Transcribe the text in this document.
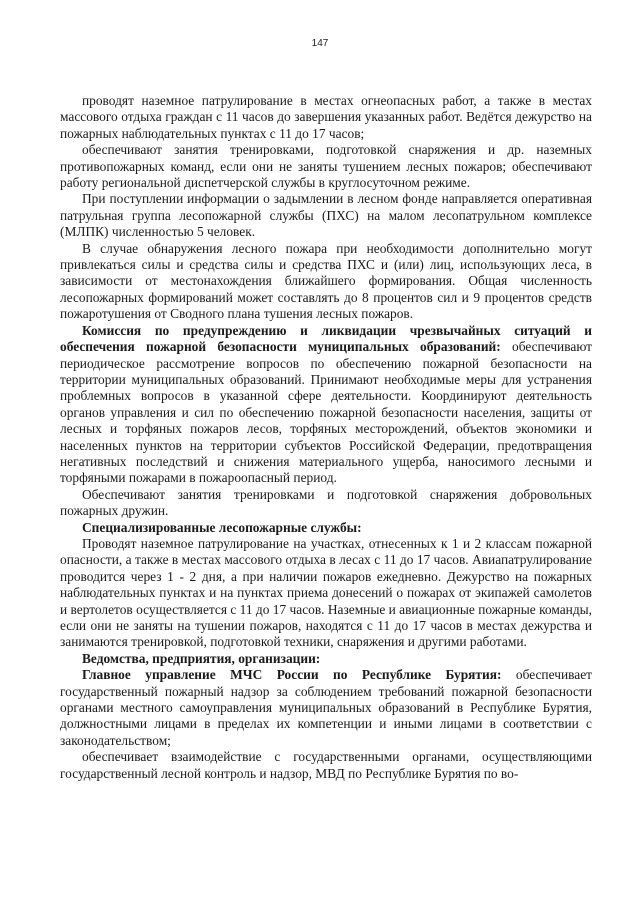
147

проводят наземное патрулирование в местах огнеопасных работ, а также в местах массового отдыха граждан с 11 часов до завершения указанных работ. Ведётся дежурство на пожарных наблюдательных пунктах с 11 до 17 часов;

обеспечивают занятия тренировками, подготовкой снаряжения и др. наземных противопожарных команд, если они не заняты тушением лесных пожаров; обеспечивают работу региональной диспетчерской службы в круглосуточном режиме.

При поступлении информации о задымлении в лесном фонде направляется оперативная патрульная группа лесопожарной службы (ПХС) на малом лесопатрульном комплексе (МЛПК) численностью 5 человек.

В случае обнаружения лесного пожара при необходимости дополнительно могут привлекаться силы и средства силы и средства ПХС и (или) лиц, использующих леса, в зависимости от местонахождения ближайшего формирования. Общая численность лесопожарных формирований может составлять до 8 процентов сил и 9 процентов средств пожаротушения от Сводного плана тушения лесных пожаров.

Комиссия по предупреждению и ликвидации чрезвычайных ситуаций и обеспечения пожарной безопасности муниципальных образований: обеспечивают периодическое рассмотрение вопросов по обеспечению пожарной безопасности на территории муниципальных образований. Принимают необходимые меры для устранения проблемных вопросов в указанной сфере деятельности. Координируют деятельность органов управления и сил по обеспечению пожарной безопасности населения, защиты от лесных и торфяных пожаров лесов, торфяных месторождений, объектов экономики и населенных пунктов на территории субъектов Российской Федерации, предотвращения негативных последствий и снижения материального ущерба, наносимого лесными и торфяными пожарами в пожароопасный период.

Обеспечивают занятия тренировками и подготовкой снаряжения добровольных пожарных дружин.

Специализированные лесопожарные службы:

Проводят наземное патрулирование на участках, отнесенных к 1 и 2 классам пожарной опасности, а также в местах массового отдыха в лесах с 11 до 17 часов. Авиапатрулирование проводится через 1 - 2 дня, а при наличии пожаров ежедневно. Дежурство на пожарных наблюдательных пунктах и на пунктах приема донесений о пожарах от экипажей самолетов и вертолетов осуществляется с 11 до 17 часов. Наземные и авиационные пожарные команды, если они не заняты на тушении пожаров, находятся с 11 до 17 часов в местах дежурства и занимаются тренировкой, подготовкой техники, снаряжения и другими работами.

Ведомства, предприятия, организации:

Главное управление МЧС России по Республике Бурятия: обеспечивает государственный пожарный надзор за соблюдением требований пожарной безопасности органами местного самоуправления муниципальных образований в Республике Бурятия, должностными лицами в пределах их компетенции и иными лицами в соответствии с законодательством;

обеспечивает взаимодействие с государственными органами, осуществляющими государственный лесной контроль и надзор, МВД по Республике Бурятия по во-
